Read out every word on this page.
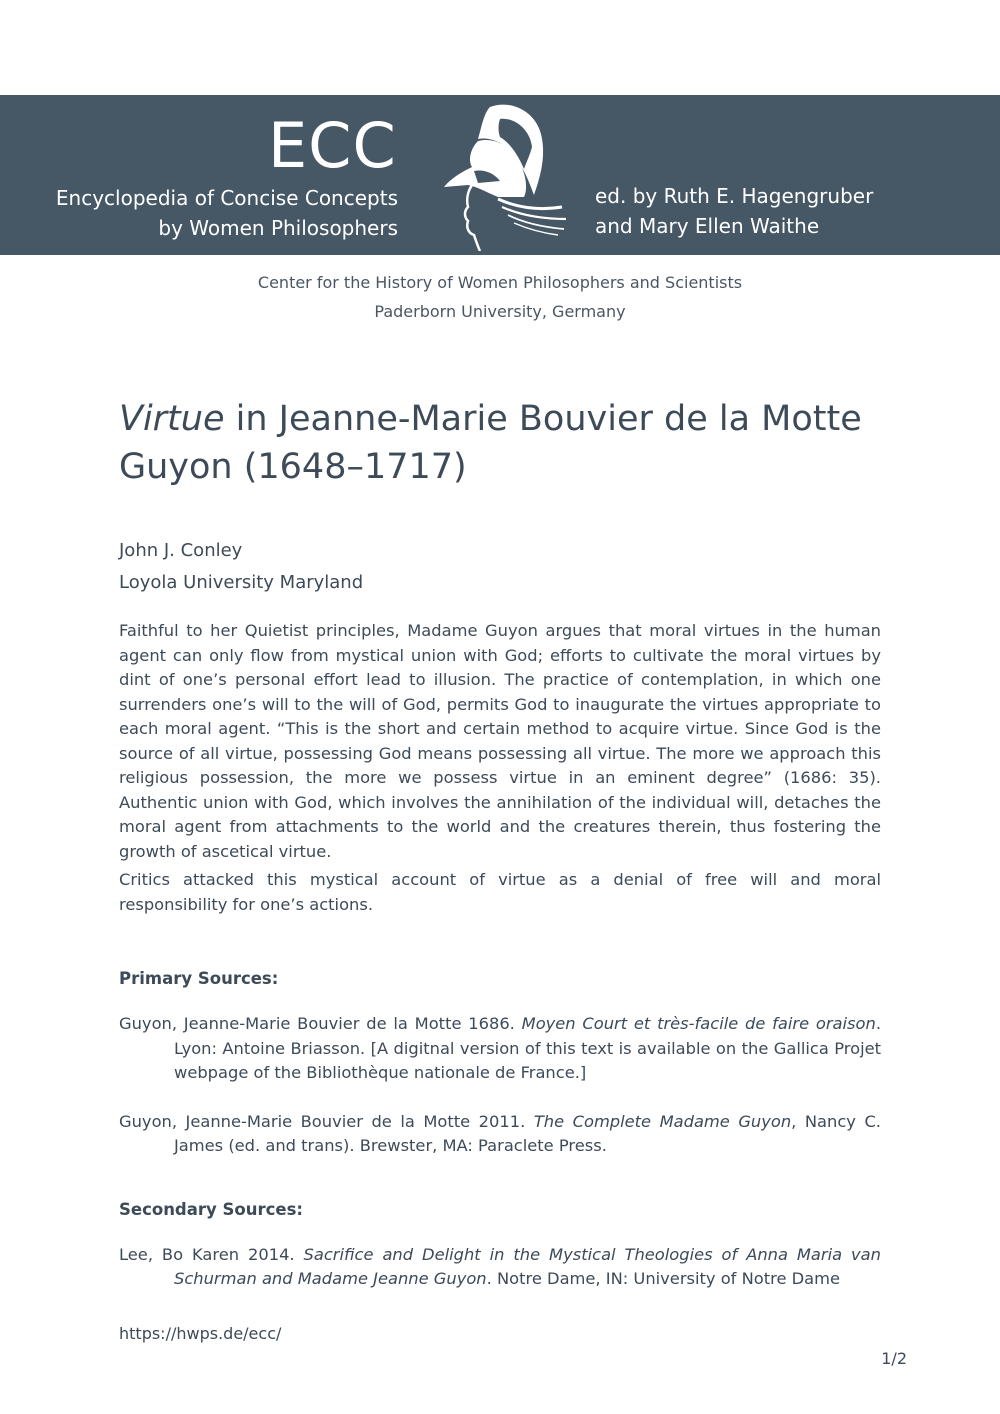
ECC
Encyclopedia of Concise Concepts
by Women Philosophers
ed. by Ruth E. Hagengruber
and Mary Ellen Waithe
Center for the History of Women Philosophers and Scientists
Paderborn University, Germany
Virtue in Jeanne-Marie Bouvier de la Motte Guyon (1648–1717)
John J. Conley
Loyola University Maryland

Faithful to her Quietist principles, Madame Guyon argues that moral virtues in the human agent can only flow from mystical union with God; efforts to cultivate the moral virtues by dint of one’s personal effort lead to illusion. The practice of contemplation, in which one surrenders one’s will to the will of God, permits God to inaugurate the virtues appropriate to each moral agent. “This is the short and certain method to acquire virtue. Since God is the source of all virtue, possessing God means possessing all virtue. The more we approach this religious possession, the more we possess virtue in an eminent degree” (1686: 35). Authentic union with God, which involves the annihilation of the individual will, detaches the moral agent from attachments to the world and the creatures therein, thus fostering the growth of ascetical virtue.

Critics attacked this mystical account of virtue as a denial of free will and moral responsibility for one’s actions.

Primary Sources:
Guyon, Jeanne-Marie Bouvier de la Motte 1686. Moyen Court et très-facile de faire oraison. Lyon: Antoine Briasson. [A digitnal version of this text is available on the Gallica Projet webpage of the Bibliothèque nationale de France.]
Guyon, Jeanne-Marie Bouvier de la Motte 2011. The Complete Madame Guyon, Nancy C. James (ed. and trans). Brewster, MA: Paraclete Press.
Secondary Sources:
Lee, Bo Karen 2014. Sacrifice and Delight in the Mystical Theologies of Anna Maria van Schurman and Madame Jeanne Guyon. Notre Dame, IN: University of Notre Dame
https://hwps.de/ecc/
1/2
